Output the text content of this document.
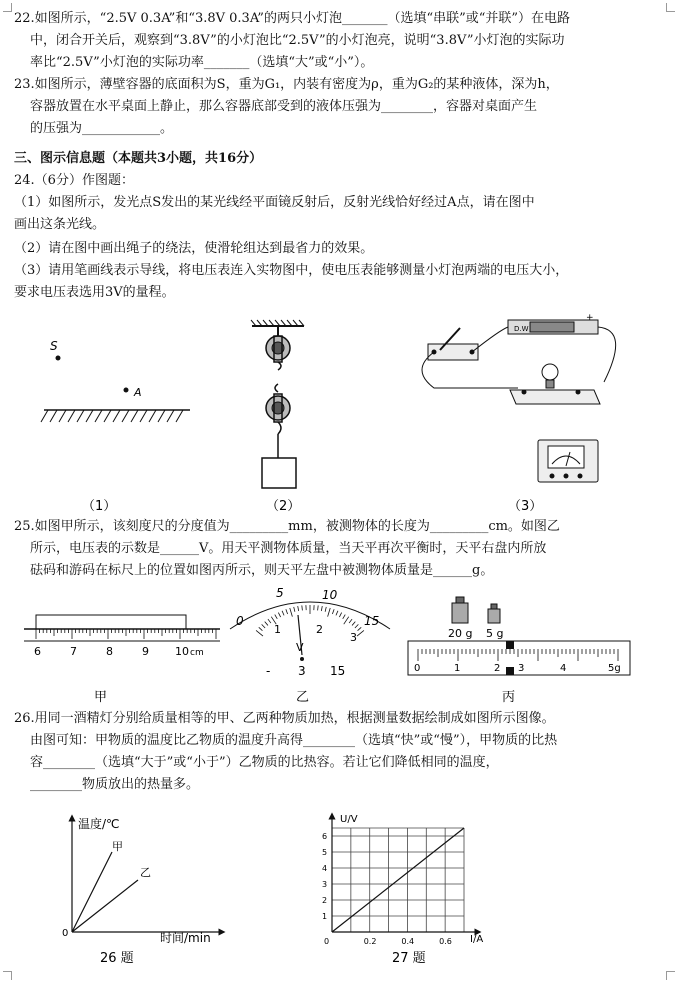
22.如图所示，“2.5V 0.3A”和“3.8V 0.3A”的两只小灯泡_______（选填“串联”或“并联”）在电路
中，闭合开关后，观察到“3.8V”的小灯泡比“2.5V”的小灯泡亮，说明“3.8V”小灯泡的实际功
率比“2.5V”小灯泡的实际功率_______（选填“大”或“小”）。
23.如图所示，薄壁容器的底面积为S，重为G₁，内装有密度为ρ，重为G₂的某种液体，深为h，
容器放置在水平桌面上静止，那么容器底部受到的液体压强为________，容器对桌面产生
的压强为____________。
三、图示信息题（本题共3小题，共16分）
24.（6分）作图题：
（1）如图所示，发光点S发出的某光线经平面镜反射后，反射光线恰好经过A点，请在图中
画出这条光线。
（2）请在图中画出绳子的绕法，使滑轮组达到最省力的效果。
（3）请用笔画线表示导线，将电压表连入实物图中，使电压表能够测量小灯泡两端的电压大小，
要求电压表选用3V的量程。
S
A
D.W
+
（1）	（2）	（3）
25.如图甲所示，该刻度尺的分度值为_________mm，被测物体的长度为_________cm。如图乙
所示，电压表的示数是______V。用天平测物体质量，当天平再次平衡时，天平右盘内所放
砝码和游码在标尺上的位置如图丙所示，则天平左盘中被测物体质量是______g。
6	7	8	9 10 cm
甲
0
5	10
15
1	2
3
V
- 3 15
乙
20 g 5 g
0	1	2 3	4	5g
丙
26.用同一酒精灯分别给质量相等的甲、乙两种物质加热，根据测量数据绘制成如图所示图像。
由图可知：甲物质的温度比乙物质的温度升高得________（选填“快”或“慢”），甲物质的比热
容________（选填“大于”或“小于”）乙物质的比热容。若让它们降低相同的温度，
________物质放出的热量多。
温度/℃
时间/min
0
甲
乙
26 题
1
2
3
4
5
6
0	0.2	0.4	0.6
U/V
I/A
27 题
